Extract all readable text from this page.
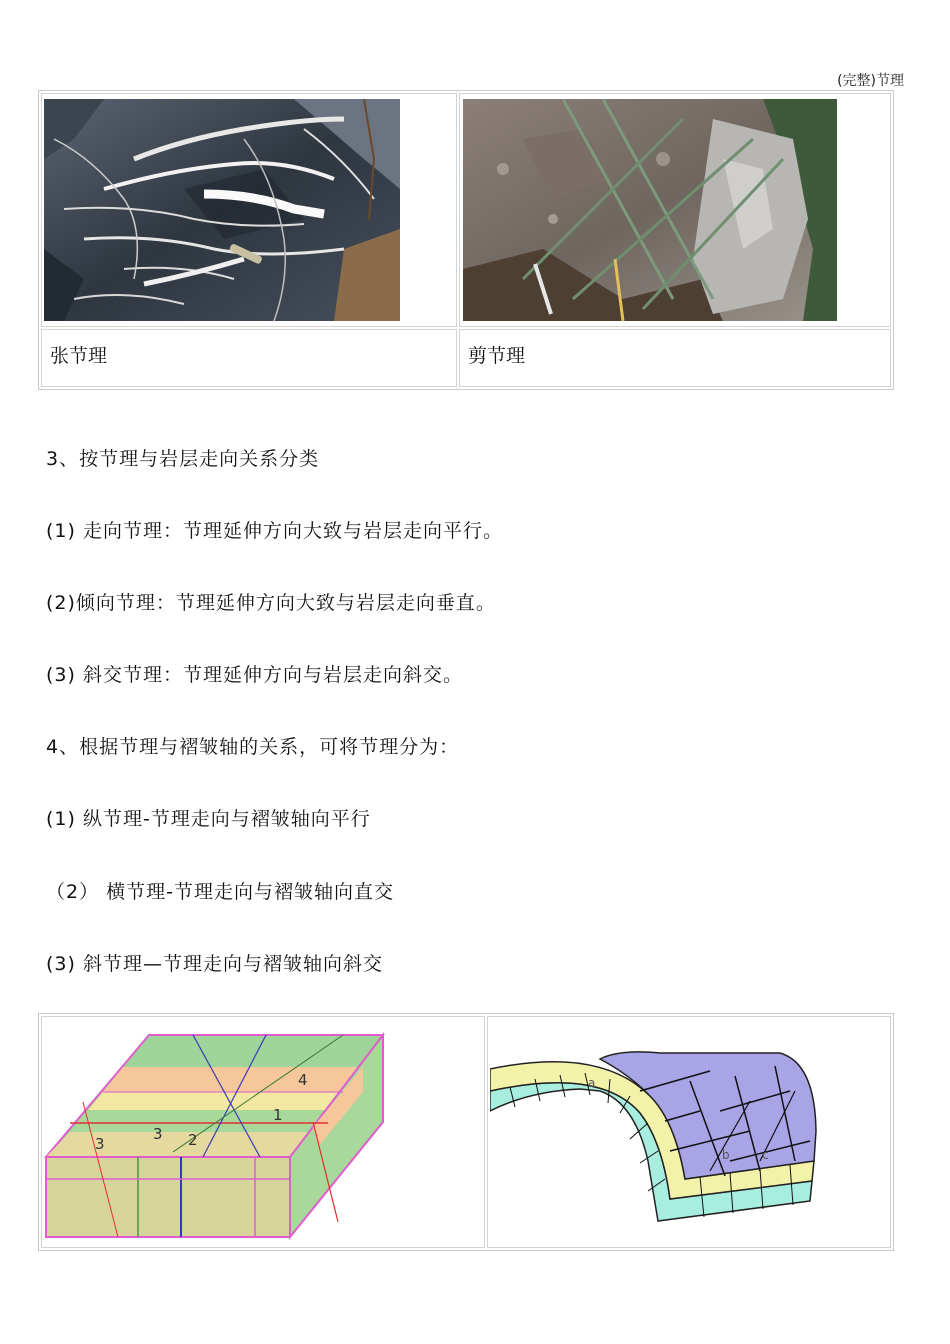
(完整)节理
张节理	剪节理
3、按节理与岩层走向关系分类
(1) 走向节理：节理延伸方向大致与岩层走向平行。
(2)倾向节理：节理延伸方向大致与岩层走向垂直。
(3) 斜交节理：节理延伸方向与岩层走向斜交。
4、根据节理与褶皱轴的关系，可将节理分为：
(1) 纵节理-节理走向与褶皱轴向平行
（2） 横节理-节理走向与褶皱轴向直交
(3) 斜节理—节理走向与褶皱轴向斜交
4
1
3
3 2
a
b	c
